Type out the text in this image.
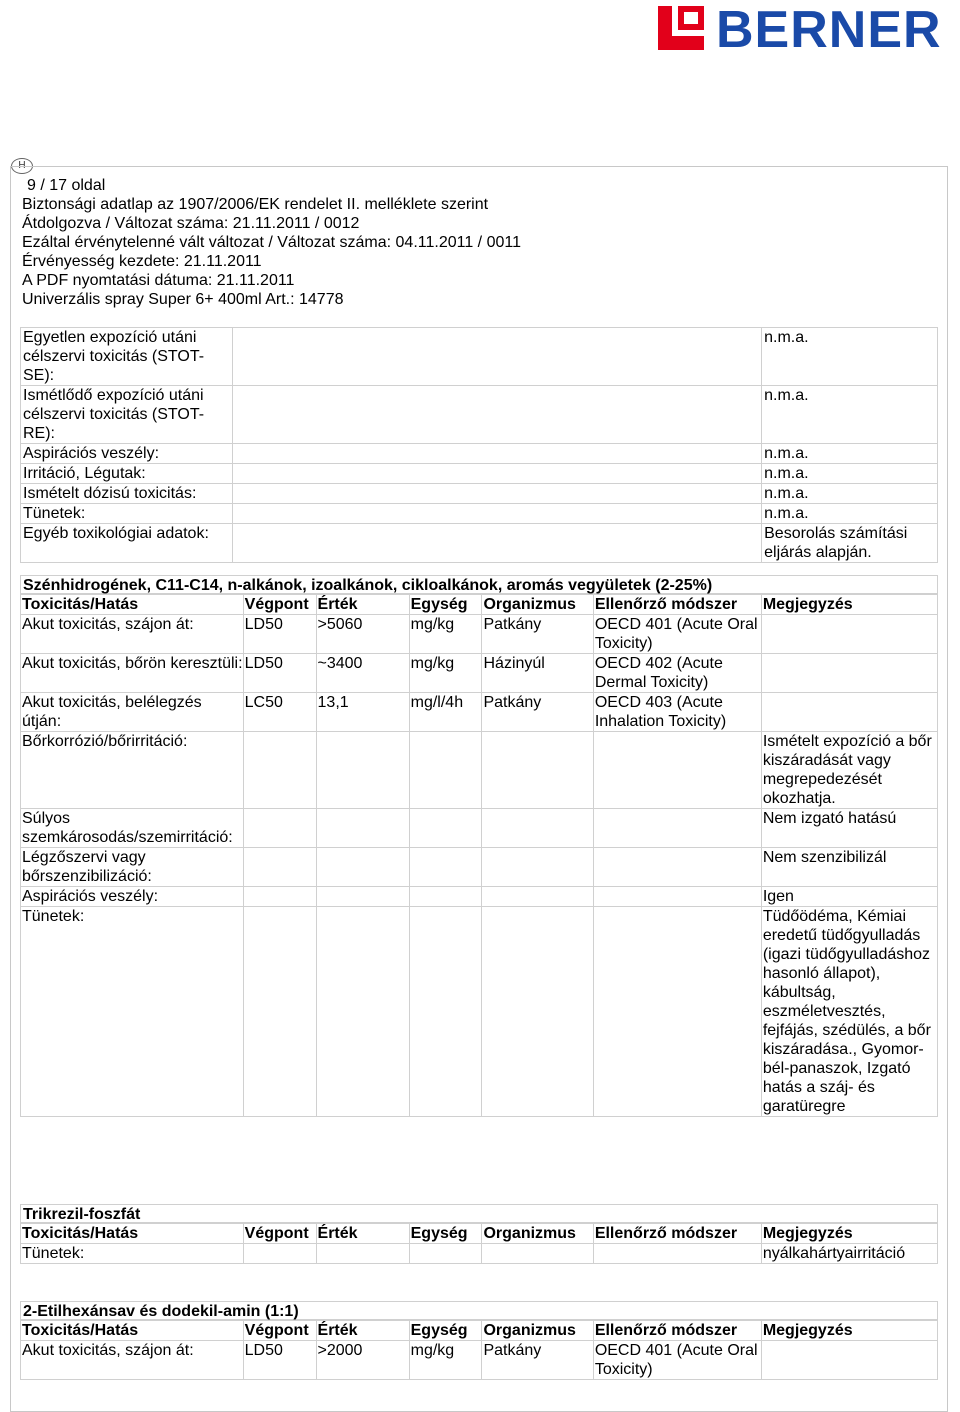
BERNER
H
9 / 17 oldal
Biztonsági adatlap az 1907/2006/EK rendelet II. melléklete szerint
Átdolgozva / Változat száma: 21.11.2011 / 0012
Ezáltal érvénytelenné vált változat / Változat száma: 04.11.2011 / 0011
Érvényesség kezdete: 21.11.2011
A PDF nyomtatási dátuma: 21.11.2011
Univerzális spray Super 6+ 400ml Art.: 14778
Egyetlen expozíció utáni célszervi toxicitás (STOT-SE):		n.m.a.
Ismétlődő expozíció utáni célszervi toxicitás (STOT-RE):		n.m.a.
Aspirációs veszély:		n.m.a.
Irritáció, Légutak:		n.m.a.
Ismételt dózisú toxicitás:		n.m.a.
Tünetek:		n.m.a.
Egyéb toxikológiai adatok:		Besorolás számítási eljárás alapján.
Szénhidrogének, C11-C14, n-alkánok, izoalkánok, cikloalkánok, aromás vegyületek (2-25%)
Toxicitás/Hatás	Végpont	Érték	Egység	Organizmus	Ellenőrző módszer	Megjegyzés
Akut toxicitás, szájon át:	LD50	>5060	mg/kg	Patkány	OECD 401 (Acute Oral Toxicity)	
Akut toxicitás, bőrön keresztüli:	LD50	~3400	mg/kg	Házinyúl	OECD 402 (Acute Dermal Toxicity)	
Akut toxicitás, belélegzés útján:	LC50	13,1	mg/l/4h	Patkány	OECD 403 (Acute Inhalation Toxicity)	
Bőrkorrózió/bőrirritáció:						Ismételt expozíció a bőr kiszáradását vagy megrepedezését okozhatja.
Súlyos szemkárosodás/szemirritáció:						Nem izgató hatású
Légzőszervi vagy bőrszenzibilizáció:						Nem szenzibilizál
Aspirációs veszély:						Igen
Tünetek:						Tüdőödéma, Kémiai eredetű tüdőgyulladás (igazi tüdőgyulladáshoz hasonló állapot), kábultság, eszméletvesztés, fejfájás, szédülés, a bőr kiszáradása., Gyomor-bél-panaszok, Izgató hatás a száj- és garatüregre
Trikrezil-foszfát
Toxicitás/Hatás	Végpont	Érték	Egység	Organizmus	Ellenőrző módszer	Megjegyzés
Tünetek:						nyálkahártyairritáció
2-Etilhexánsav és dodekil-amin (1:1)
Toxicitás/Hatás	Végpont	Érték	Egység	Organizmus	Ellenőrző módszer	Megjegyzés
Akut toxicitás, szájon át:	LD50	>2000	mg/kg	Patkány	OECD 401 (Acute Oral Toxicity)	
